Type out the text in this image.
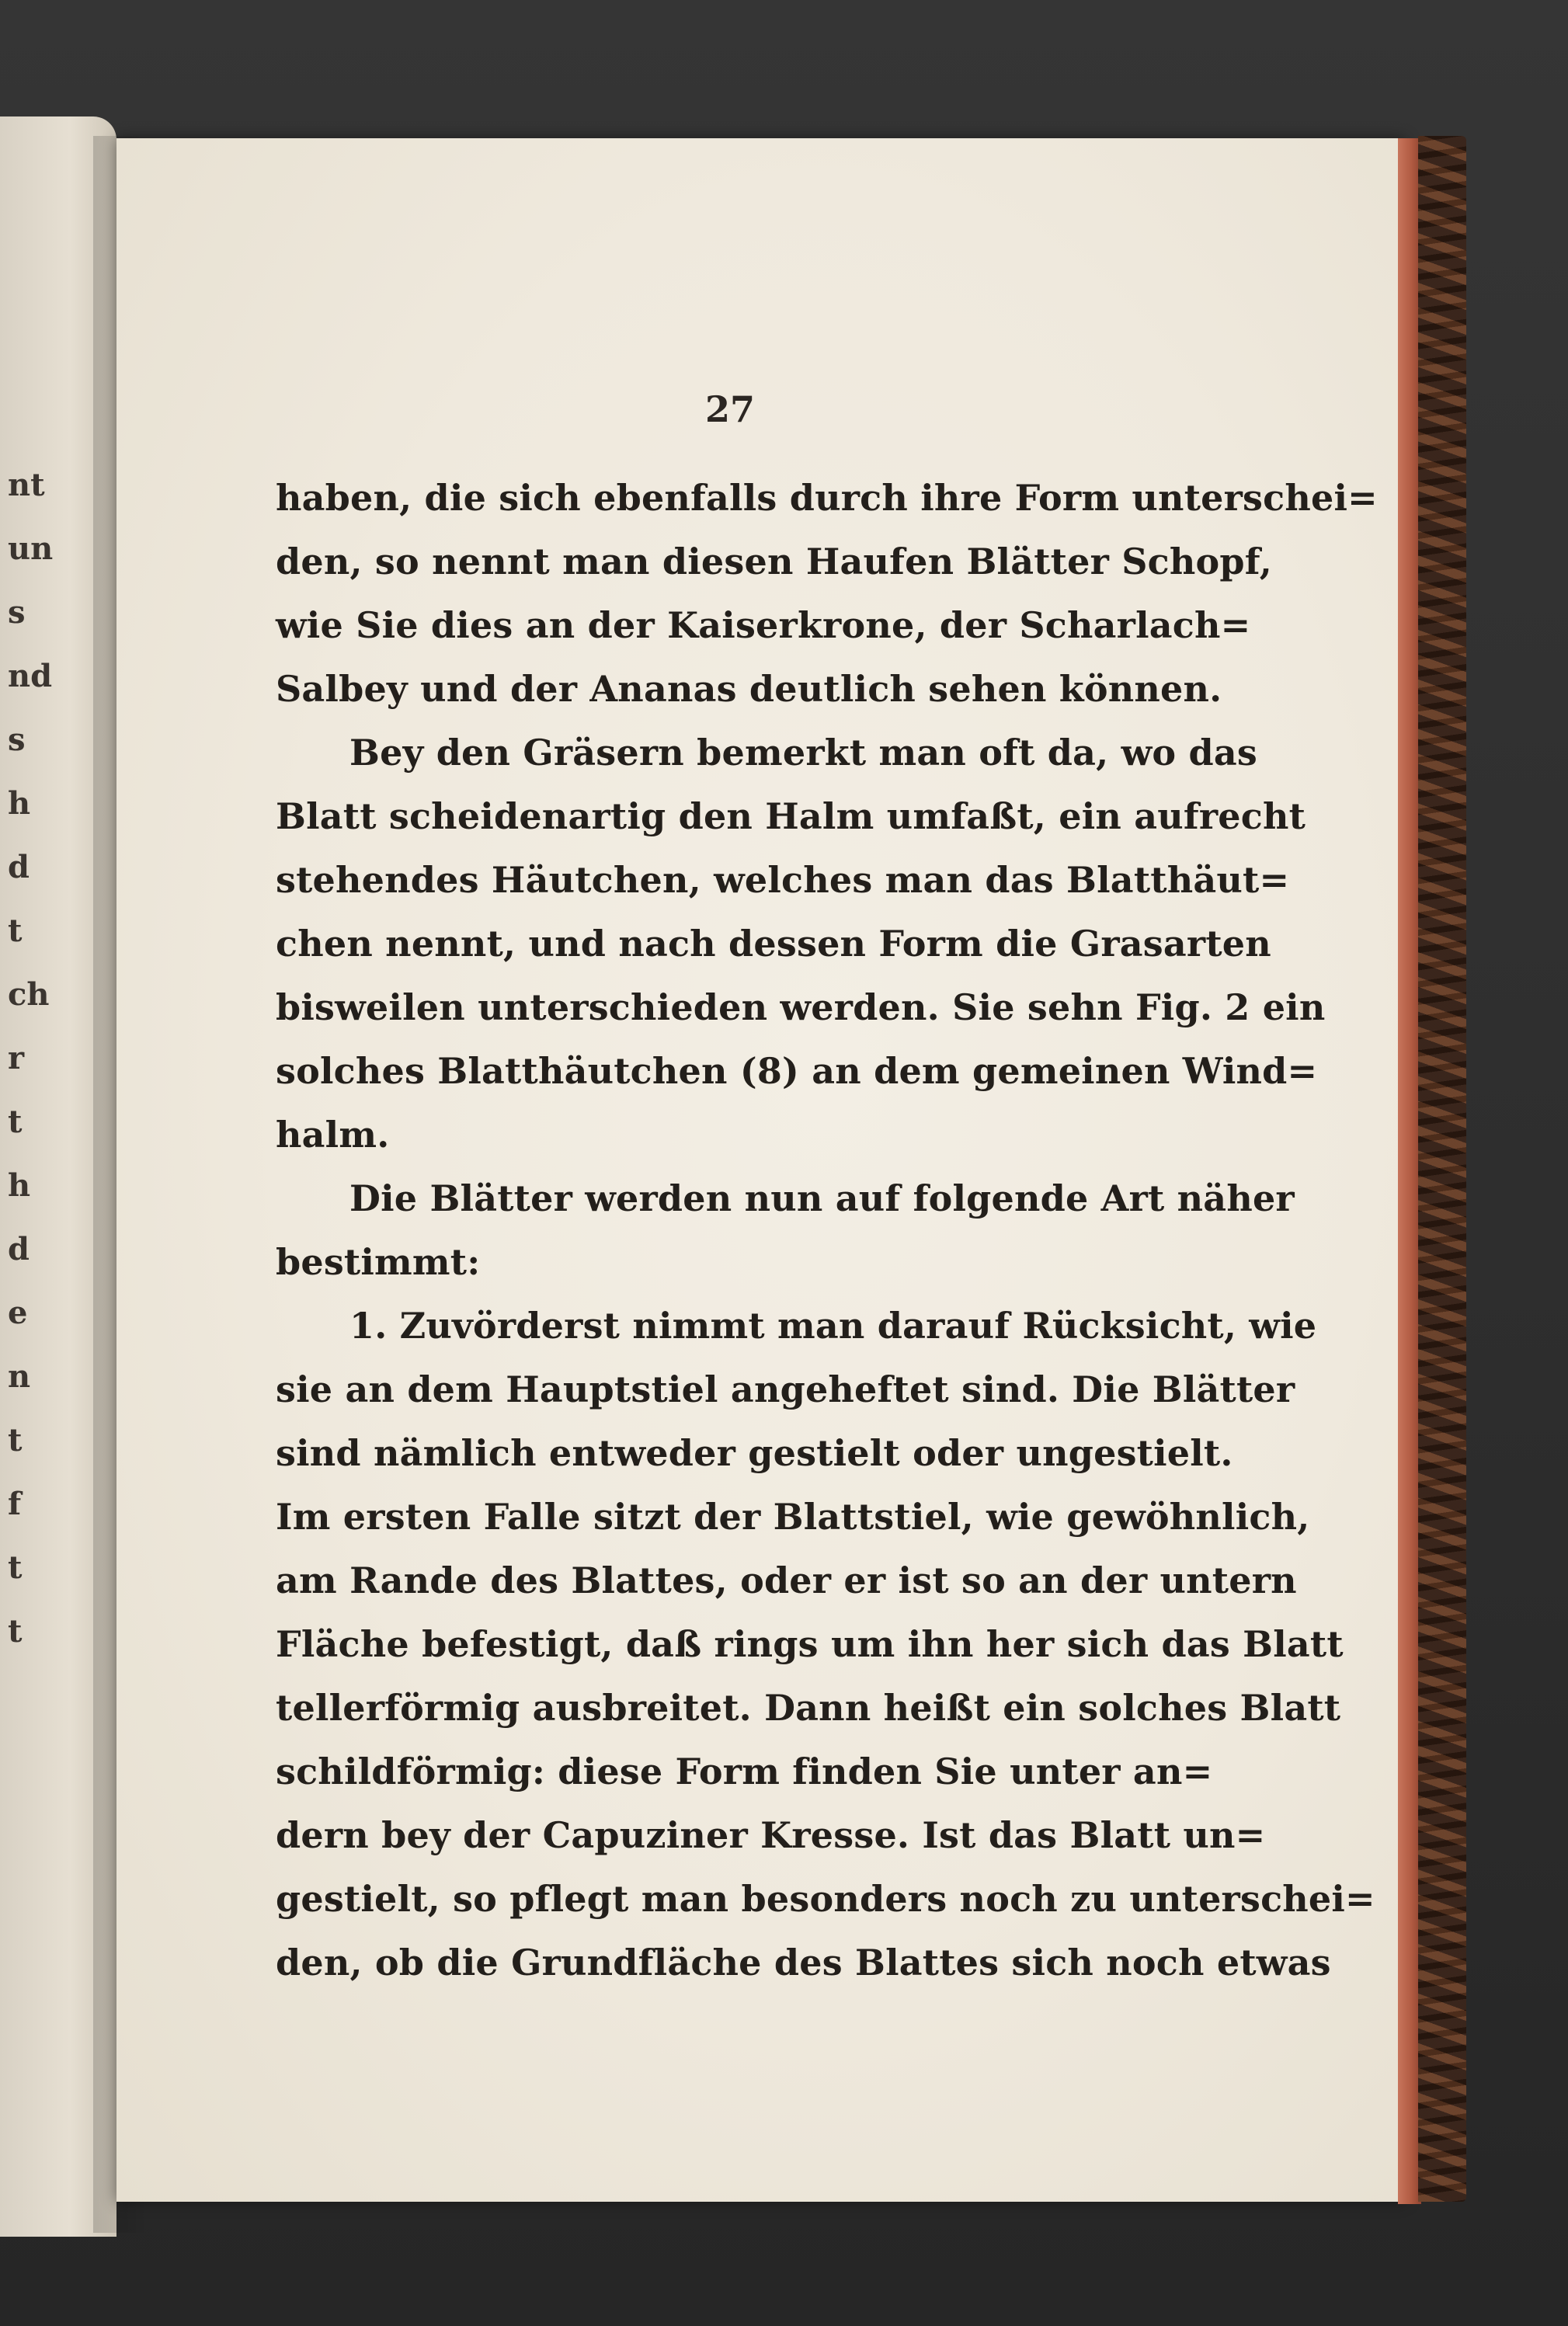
nt
un
s
nd
s
h
d
t
ch
r
t
h
d
e
n
t
f
t
t
27
haben, die sich ebenfalls durch ihre Form unterschei=
den, so nennt man diesen Haufen Blätter Schopf,
wie Sie dies an der Kaiserkrone, der Scharlach=
Salbey und der Ananas deutlich sehen können.
Bey den Gräsern bemerkt man oft da, wo das
Blatt scheidenartig den Halm umfaßt, ein aufrecht
stehendes Häutchen, welches man das Blatthäut=
chen nennt, und nach dessen Form die Grasarten
bisweilen unterschieden werden. Sie sehn Fig. 2 ein
solches Blatthäutchen (8) an dem gemeinen Wind=
halm.
Die Blätter werden nun auf folgende Art näher
bestimmt:
1. Zuvörderst nimmt man darauf Rücksicht, wie
sie an dem Hauptstiel angeheftet sind. Die Blätter
sind nämlich entweder gestielt oder ungestielt.
Im ersten Falle sitzt der Blattstiel, wie gewöhnlich,
am Rande des Blattes, oder er ist so an der untern
Fläche befestigt, daß rings um ihn her sich das Blatt
tellerförmig ausbreitet. Dann heißt ein solches Blatt
schildförmig: diese Form finden Sie unter an=
dern bey der Capuziner Kresse. Ist das Blatt un=
gestielt, so pflegt man besonders noch zu unterschei=
den, ob die Grundfläche des Blattes sich noch etwas
